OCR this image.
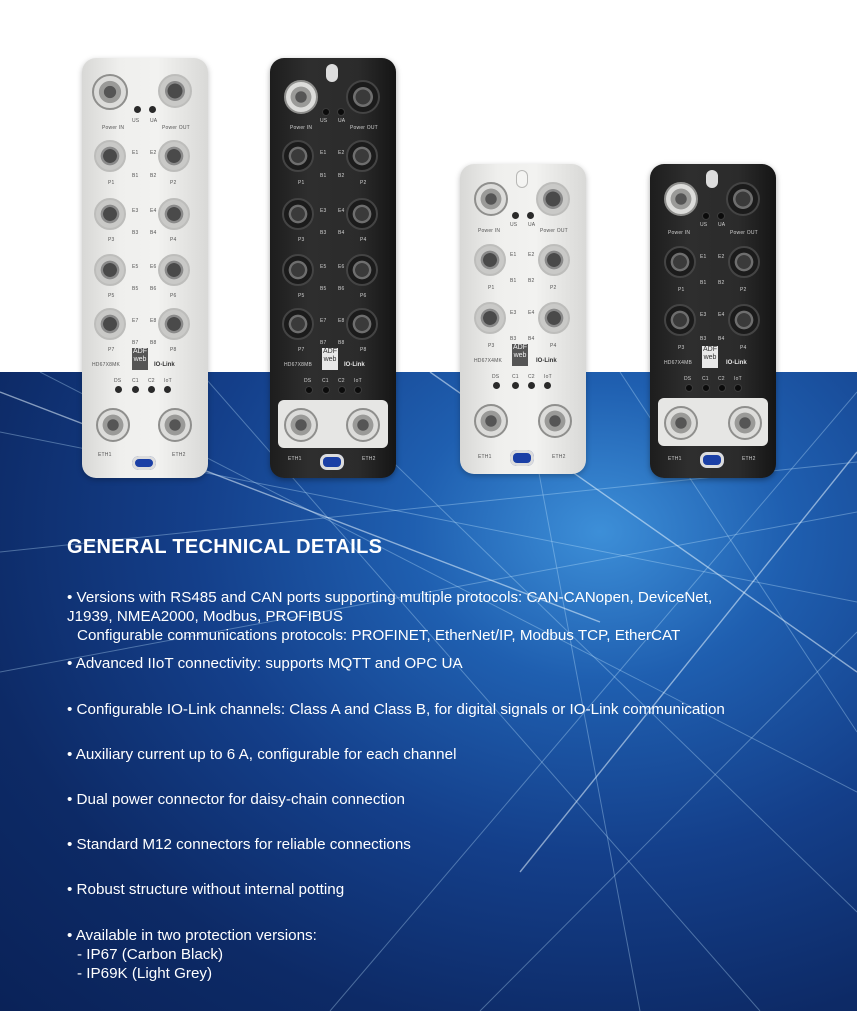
US UA
Power IN	Power OUT
E1 E2
B1 B2
P1	P2
E3 E4
B3 B4
P3	P4
E5 E6
B5 B6
P5	P6
E7 E8
B7 B8
P7	P8
HD67X8MK
ADF
web
IO-Link
DS C1 C2 IoT
ETH1	ETH2
US UA
Power IN	Power OUT
E1 E2
B1 B2
P1	P2
E3 E4
B3 B4
P3	P4
E5 E6
B5 B6
P5	P6
E7 E8
B7 B8
P7	P8
HD67X8MB
ADF
web
IO-Link
DS C1 C2 IoT
ETH1	ETH2
US UA
Power IN	Power OUT
E1 E2
B1 B2
P1	P2
E3 E4
B3 B4
P3	P4
HD67X4MK
ADF
web
IO-Link
DS	C1 C2 IoT
ETH1	ETH2
US UA
Power IN	Power OUT
E1 E2
B1 B2
P1	P2
E3 E4
B3 B4
P3	P4
HD67X4MB
ADF
web
IO-Link
DS C1 C2 IoT
ETH1	ETH2
GENERAL TECHNICAL DETAILS
• Versions with RS485 and CAN ports supporting multiple protocols: CAN-CANopen, DeviceNet,
J1939, NMEA2000, Modbus, PROFIBUS
Configurable communications protocols: PROFINET, EtherNet/IP, Modbus TCP, EtherCAT
• Advanced IIoT connectivity: supports MQTT and OPC UA
• Configurable IO-Link channels: Class A and Class B, for digital signals or IO-Link communication
• Auxiliary current up to 6 A, configurable for each channel
• Dual power connector for daisy-chain connection
• Standard M12 connectors for reliable connections
• Robust structure without internal potting
• Available in two protection versions:
- IP67 (Carbon Black)
- IP69K (Light Grey)
